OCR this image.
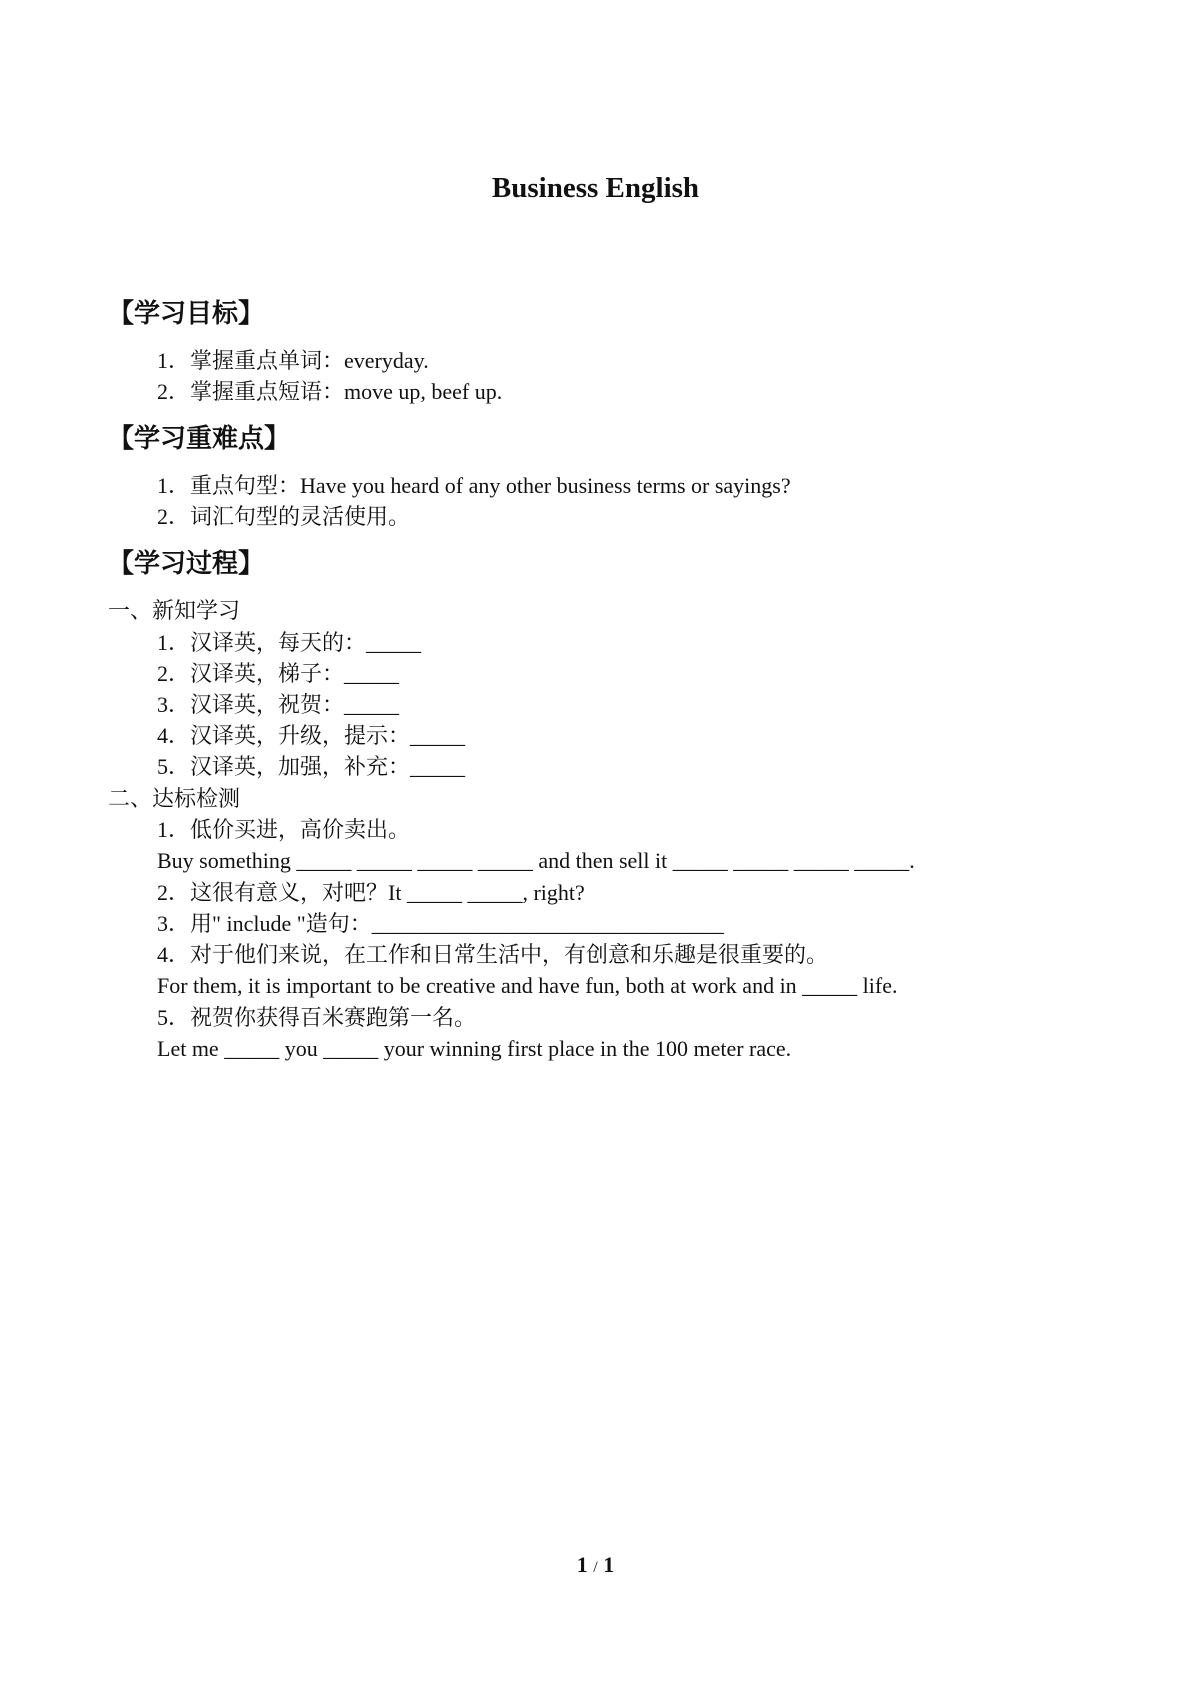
Business English
【学习目标】
1．掌握重点单词：everyday.
2．掌握重点短语：move up, beef up.
【学习重难点】
1．重点句型：Have you heard of any other business terms or sayings?
2．词汇句型的灵活使用。
【学习过程】
一、新知学习
1．汉译英，每天的：_____
2．汉译英，梯子：_____
3．汉译英，祝贺：_____
4．汉译英，升级，提示：_____
5．汉译英，加强，补充：_____
二、达标检测
1．低价买进，高价卖出。
Buy something _____ _____ _____ _____ and then sell it _____ _____ _____ _____.
2．这很有意义，对吧？It _____ _____, right?
3．用" include "造句：________________________________
4．对于他们来说，在工作和日常生活中，有创意和乐趣是很重要的。
For them, it is important to be creative and have fun, both at work and in _____ life.
5．祝贺你获得百米赛跑第一名。
Let me _____ you _____ your winning first place in the 100 meter race.
1 / 1
